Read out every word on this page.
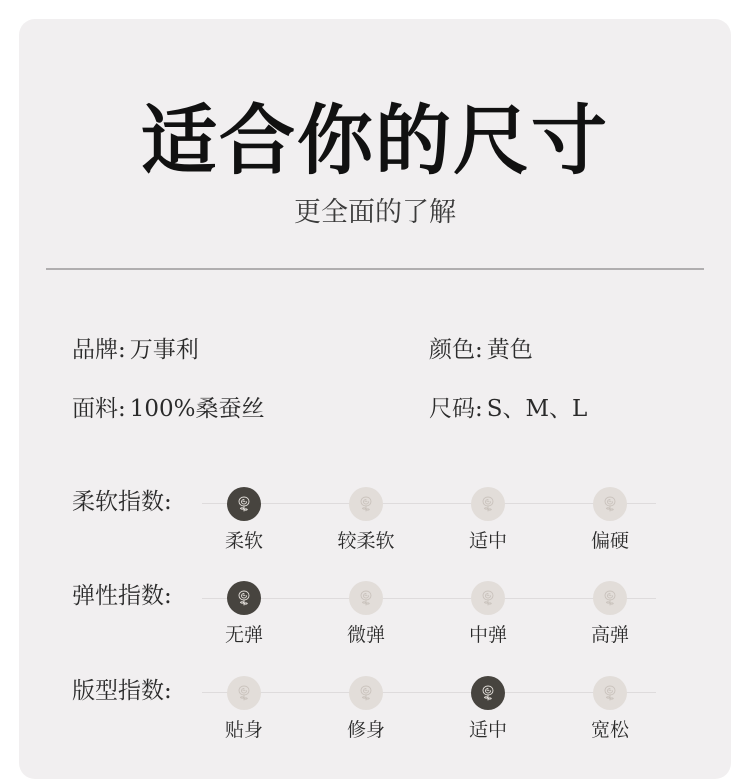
适合你的尺寸
更全面的了解
品牌: 万事利	颜色: 黄色
面料: 100%桑蚕丝	尺码: S、M、L
柔软指数:
柔软	较柔软	适中	偏硬
弹性指数:
无弹	微弹	中弹	高弹
版型指数:
贴身	修身	适中	宽松
